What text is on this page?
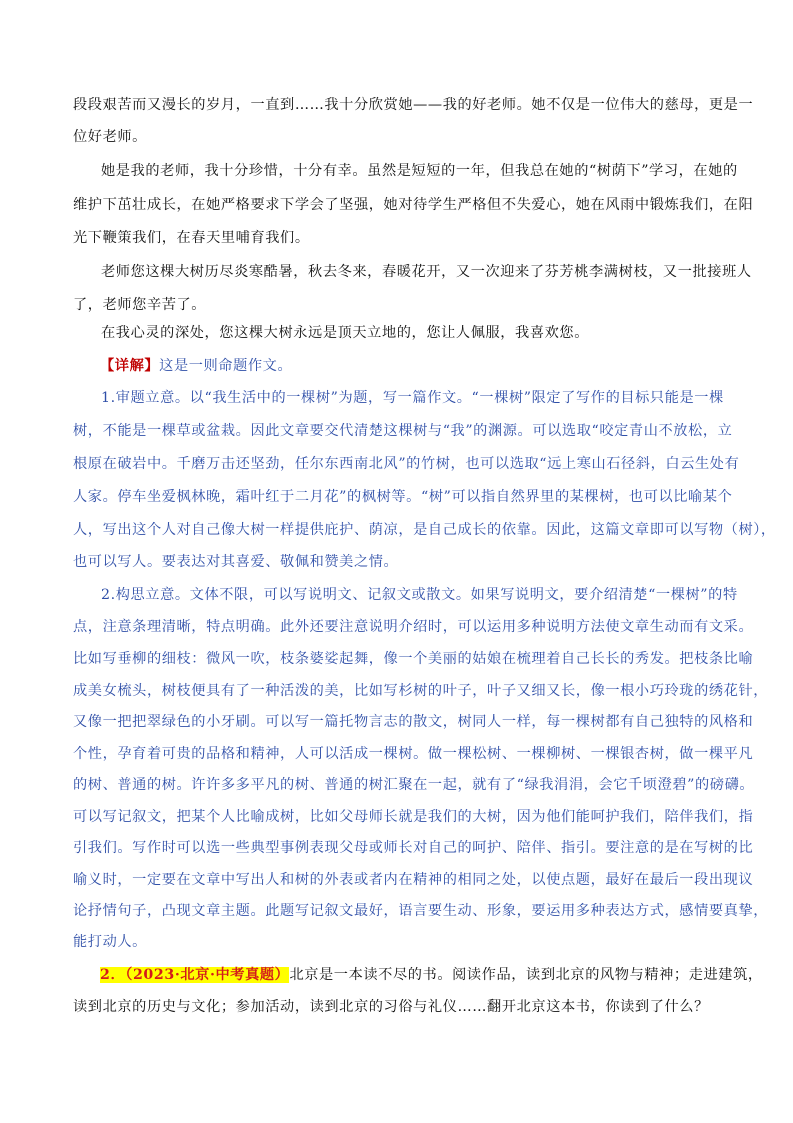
段段艰苦而又漫长的岁月，一直到……我十分欣赏她——我的好老师。她不仅是一位伟大的慈母，更是一
位好老师。
她是我的老师，我十分珍惜，十分有幸。虽然是短短的一年，但我总在她的“树荫下”学习，在她的
维护下茁壮成长，在她严格要求下学会了坚强，她对待学生严格但不失爱心，她在风雨中锻炼我们，在阳
光下鞭策我们，在春天里哺育我们。
老师您这棵大树历尽炎寒酷暑，秋去冬来，春暖花开，又一次迎来了芬芳桃李满树枝，又一批接班人
了，老师您辛苦了。
在我心灵的深处，您这棵大树永远是顶天立地的，您让人佩服，我喜欢您。
【详解】这是一则命题作文。
1.审题立意。以“我生活中的一棵树”为题，写一篇作文。“一棵树”限定了写作的目标只能是一棵
树，不能是一棵草或盆栽。因此文章要交代清楚这棵树与“我”的渊源。可以选取“咬定青山不放松，立
根原在破岩中。千磨万击还坚劲，任尔东西南北风”的竹树，也可以选取“远上寒山石径斜，白云生处有
人家。停车坐爱枫林晚，霜叶红于二月花”的枫树等。“树”可以指自然界里的某棵树，也可以比喻某个
人，写出这个人对自己像大树一样提供庇护、荫凉，是自己成长的依靠。因此，这篇文章即可以写物（树），
也可以写人。要表达对其喜爱、敬佩和赞美之情。
2.构思立意。文体不限，可以写说明文、记叙文或散文。如果写说明文，要介绍清楚“一棵树”的特
点，注意条理清晰，特点明确。此外还要注意说明介绍时，可以运用多种说明方法使文章生动而有文采。
比如写垂柳的细枝：微风一吹，枝条婆娑起舞，像一个美丽的姑娘在梳理着自己长长的秀发。把枝条比喻
成美女梳头，树枝便具有了一种活泼的美，比如写杉树的叶子，叶子又细又长，像一根小巧玲珑的绣花针，
又像一把把翠绿色的小牙刷。可以写一篇托物言志的散文，树同人一样，每一棵树都有自己独特的风格和
个性，孕育着可贵的品格和精神，人可以活成一棵树。做一棵松树、一棵柳树、一棵银杏树，做一棵平凡
的树、普通的树。许许多多平凡的树、普通的树汇聚在一起，就有了“绿我涓涓，会它千顷澄碧”的磅礴。
可以写记叙文，把某个人比喻成树，比如父母师长就是我们的大树，因为他们能呵护我们，陪伴我们，指
引我们。写作时可以选一些典型事例表现父母或师长对自己的呵护、陪伴、指引。要注意的是在写树的比
喻义时，一定要在文章中写出人和树的外表或者内在精神的相同之处，以使点题，最好在最后一段出现议
论抒情句子，凸现文章主题。此题写记叙文最好，语言要生动、形象，要运用多种表达方式，感情要真挚，
能打动人。
2．（2023·北京·中考真题）北京是一本读不尽的书。阅读作品，读到北京的风物与精神；走进建筑，
读到北京的历史与文化；参加活动，读到北京的习俗与礼仪……翻开北京这本书，你读到了什么？
